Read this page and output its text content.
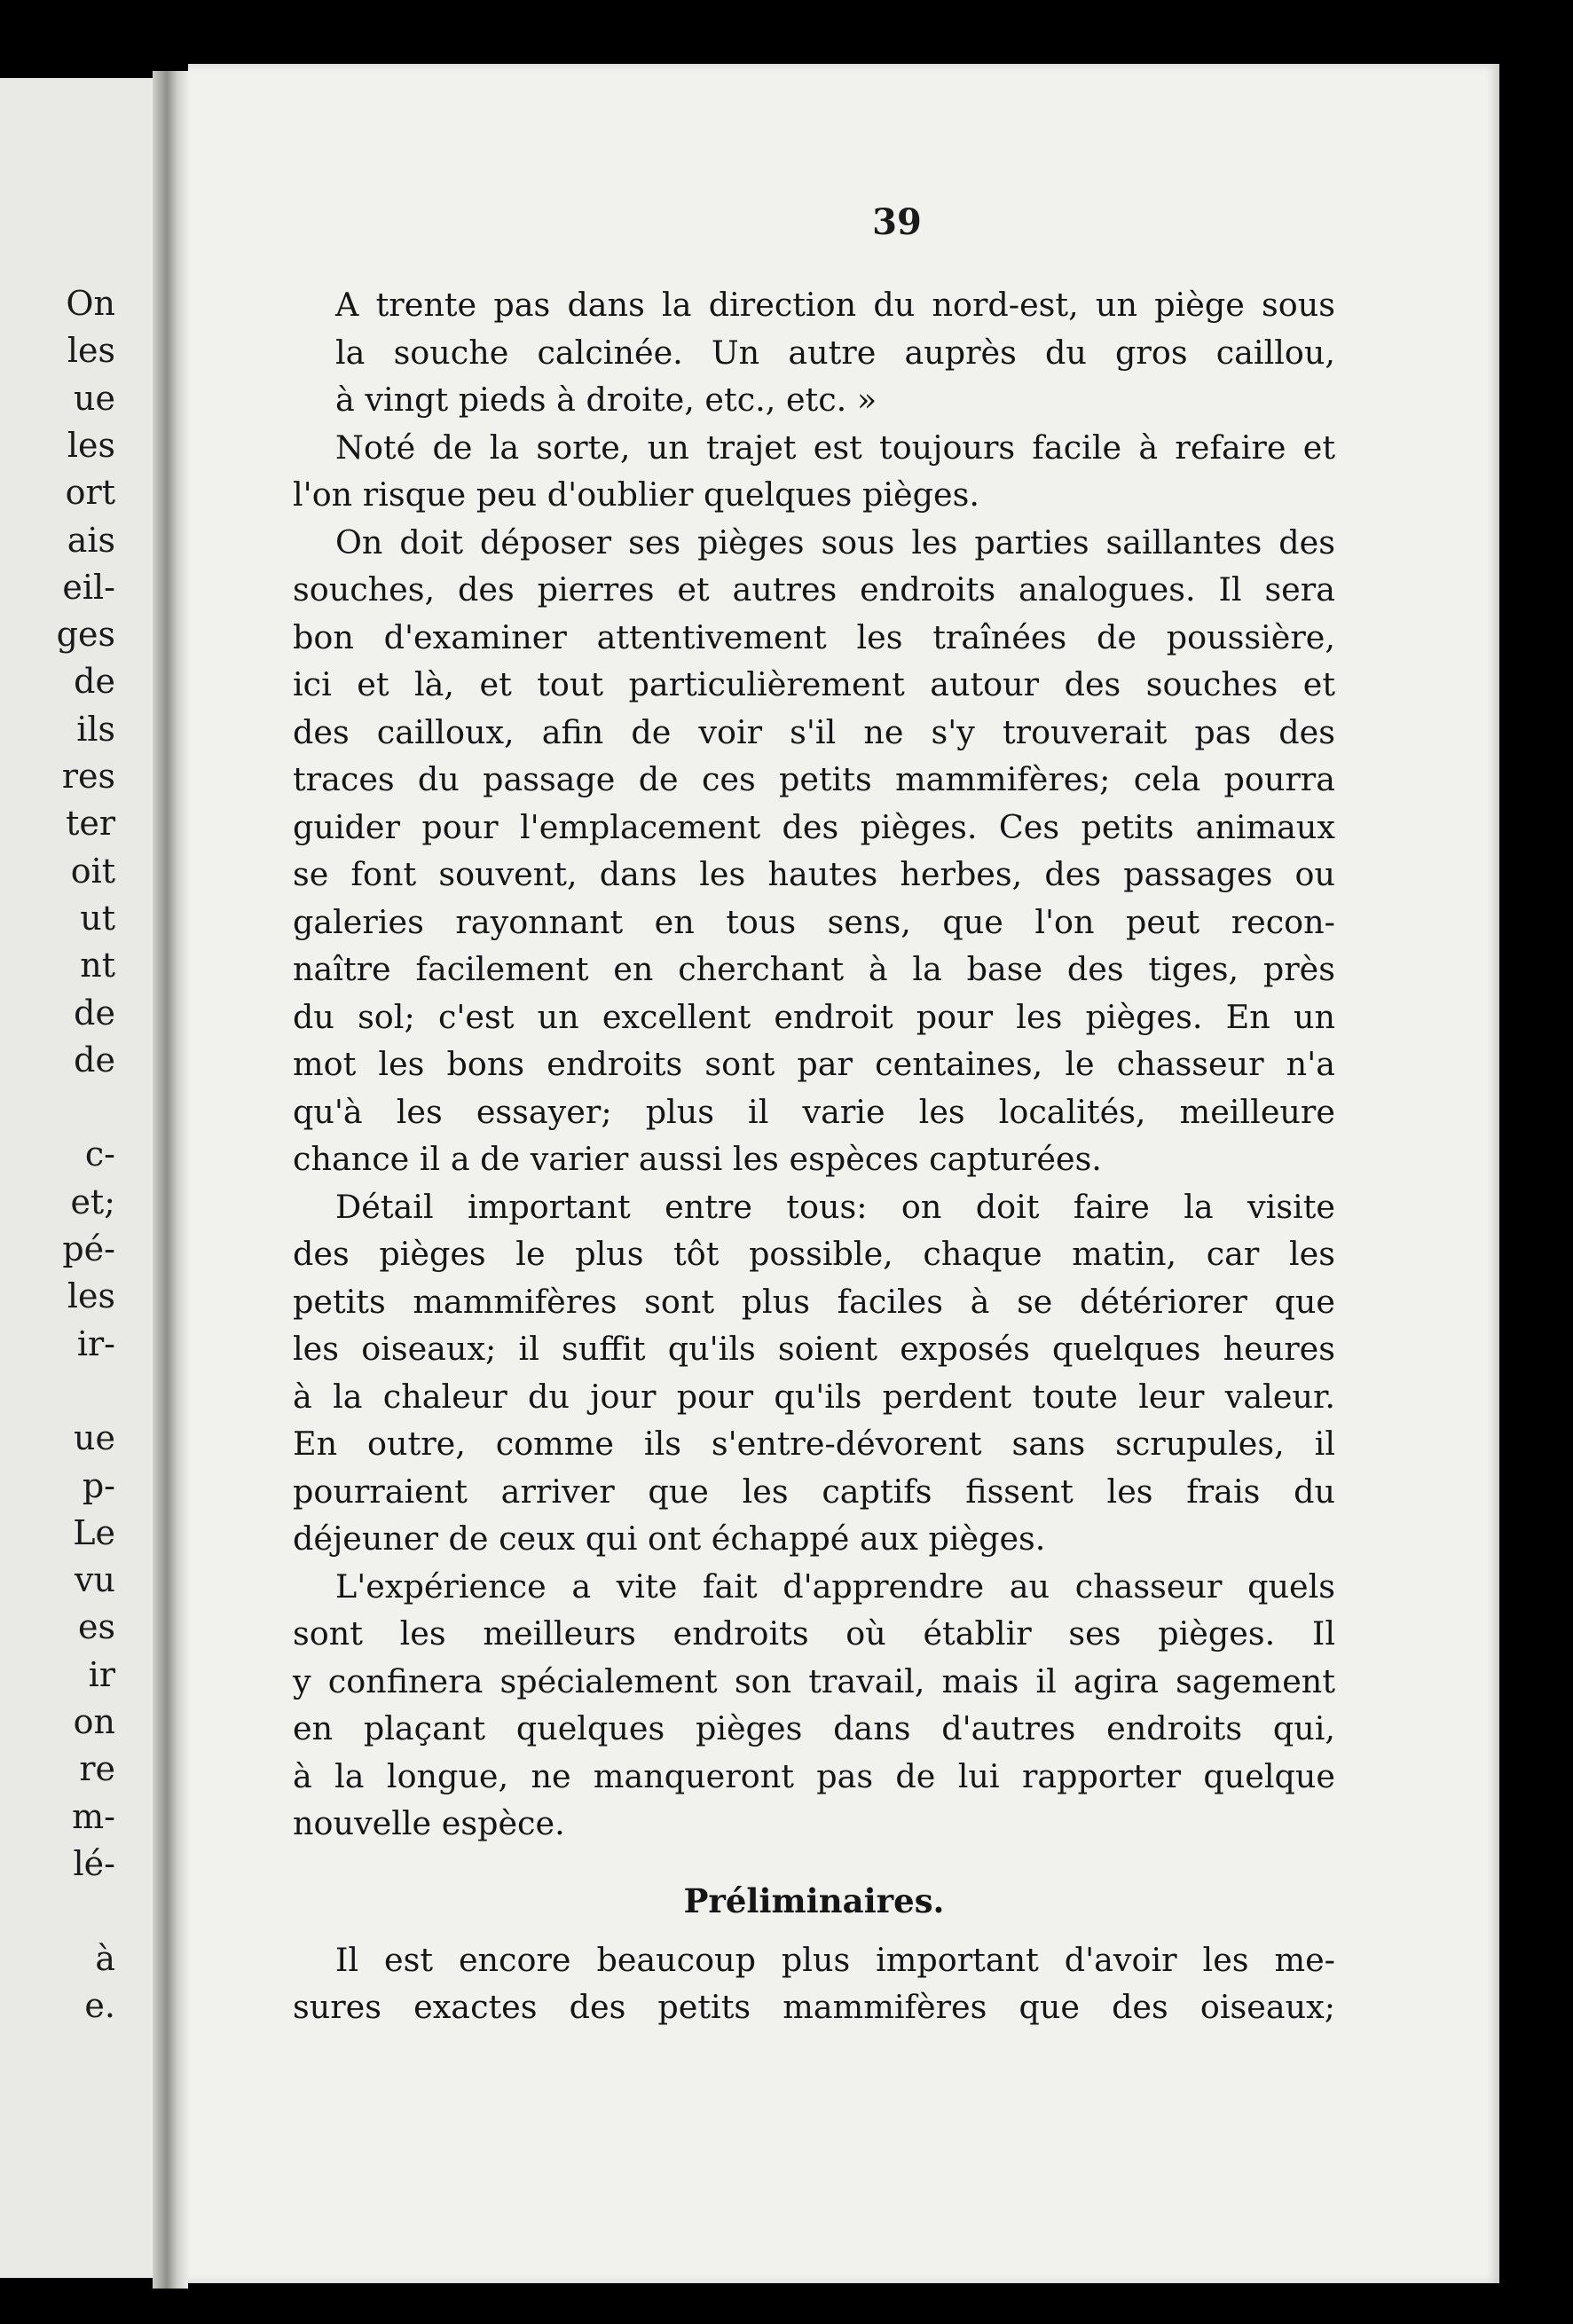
On
les
ue
les
ort
ais
eil-
ges
de
ils
res
ter
oit
ut
nt
de
de
c-
et;
pé-
les
ir-
ue
p-
Le
vu
es
ir
on
re
m-
lé-
à
e.
39
A trente pas dans la direction du nord-est, un piège sous
la souche calcinée. Un autre auprès du gros caillou,
à vingt pieds à droite, etc., etc. »
Noté de la sorte, un trajet est toujours facile à refaire et
l'on risque peu d'oublier quelques pièges.
On doit déposer ses pièges sous les parties saillantes des
souches, des pierres et autres endroits analogues. Il sera
bon d'examiner attentivement les traînées de poussière,
ici et là, et tout particulièrement autour des souches et
des cailloux, afin de voir s'il ne s'y trouverait pas des
traces du passage de ces petits mammifères; cela pourra
guider pour l'emplacement des pièges. Ces petits animaux
se font souvent, dans les hautes herbes, des passages ou
galeries rayonnant en tous sens, que l'on peut recon-
naître facilement en cherchant à la base des tiges, près
du sol; c'est un excellent endroit pour les pièges. En un
mot les bons endroits sont par centaines, le chasseur n'a
qu'à les essayer; plus il varie les localités, meilleure
chance il a de varier aussi les espèces capturées.
Détail important entre tous: on doit faire la visite
des pièges le plus tôt possible, chaque matin, car les
petits mammifères sont plus faciles à se détériorer que
les oiseaux; il suffit qu'ils soient exposés quelques heures
à la chaleur du jour pour qu'ils perdent toute leur valeur.
En outre, comme ils s'entre-dévorent sans scrupules, il
pourraient arriver que les captifs fissent les frais du
déjeuner de ceux qui ont échappé aux pièges.
L'expérience a vite fait d'apprendre au chasseur quels
sont les meilleurs endroits où établir ses pièges. Il
y confinera spécialement son travail, mais il agira sagement
en plaçant quelques pièges dans d'autres endroits qui,
à la longue, ne manqueront pas de lui rapporter quelque
nouvelle espèce.
Préliminaires.
Il est encore beaucoup plus important d'avoir les me-
sures exactes des petits mammifères que des oiseaux;
